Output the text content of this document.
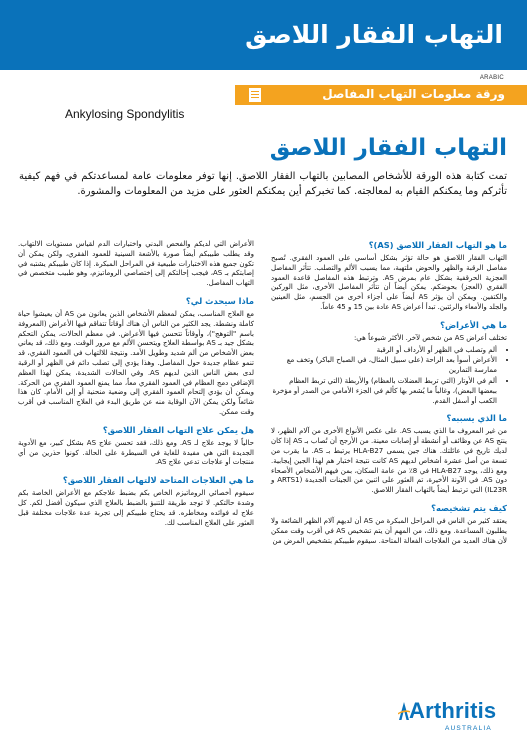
التهاب الفقار اللاصق
ARABIC
ورقة معلومات التهاب المفاصل
Ankylosing Spondylitis
التهاب الفقار اللاصق
تمت كتابة هذه الورقة للأشخاص المصابين بالتهاب الفقار اللاصق. إنها توفر معلومات عامة لمساعدتكم في فهم كيفية تأثركم وما يمكنكم القيام به لمعالجته. كما تخبركم أين يمكنكم العثور على مزيد من المعلومات والمشورة.
ما هو التهاب الفقار اللاصق (AS)؟

التهاب الفقار اللاصق هو حالة تؤثر بشكل أساسي على العمود الفقري. تُصبح مفاصل الرقبة والظهر والحوض ملتهبة، مما يسبب الألم والتصلب. تتأثر المفاصل العجزية الحرقفية بشكل عام بمرض AS. وترتبط هذه المفاصل قاعدة العمود الفقري (العجز) بحوضكم. يمكن أيضاً أن تتأثر المفاصل الأخرى، مثل الوركين والكتفين. ويمكن أن يؤثر AS أيضاً على أجزاء أخرى من الجسم، مثل العينين والجلد والأمعاء والرئتين. تبدأ أعراض AS عادة بين 15 و 45 عاماً.

ما هي الأعراض؟

تختلف أعراض AS من شخص لآخر. الأكثر شيوعاً هي:

• ألم وتصلب في الظهر أو الأرداف أو الرقبة
• الأعراض أسوأ بعد الراحة (على سبيل المثال، في الصباح الباكر) وتخف مع ممارسة التمارين
• ألم في الأوتار (التي تربط العضلات بالعظام) والأربطة (التي تربط العظام ببعضها البعض)، وغالباً ما يُشعر بها كألم في الجزء الأمامي من الصدر أو مؤخرة الكعب أو أسفل القدم.
ما الذي يسببه؟

من غير المعروف ما الذي يسبب AS. على عكس الأنواع الأخرى من آلام الظهر، لا ينتج AS عن وظائف أو أنشطة أو إصابات معينة. من الأرجح أن تُصاب بـ AS إذا كان لديك تاريخ في عائلتك. هناك جين يسمى HLA-B27 يرتبط بـ AS. ما يقرب من تسعة من أصل عشرة أشخاص لديهم AS كانت نتيجة اختبار هم لهذا الجين إيجابية. ومع ذلك، يوجد HLA-B27 في 8٪ من عامة السكان، بمن فيهم الأشخاص الأصحاء دون AS. في الآونة الأخيرة، تم العثور على اثنين من الجينات الجديدة (ARTS1 و IL23R) التي ترتبط أيضاً بالتهاب الفقار اللاصق.

كيف يتم تشخيصه؟

يعتقد كثير من الناس في المراحل المبكرة من AS أن لديهم آلام الظهر الشائعة ولا يطلبون المساعدة. ومع ذلك، من المهم أن يتم تشخيص AS في أقرب وقت ممكن لأن هناك العديد من العلاجات الفعالة المتاحة. سيقوم طبيبكم بتشخيص المرض من

الأعراض التي لديكم والفحص البدني واختبارات الدم لقياس مستويات الالتهاب. وقد يطلب طبيبكم أيضاً صورة بالأشعة السينية للعمود الفقري، ولكن يمكن أن تكون جميع هذه الاختبارات طبيعية في المراحل المبكرة. إذا كان طبيبكم يشتبه في إصابتكم بـ AS، فيجب إحالتكم إلى إختصاصي الروماتيزم، وهو طبيب متخصص في التهاب المفاصل.

ماذا سيحدث لي؟

مع العلاج المناسب، يمكن لمعظم الأشخاص الذين يعانون من AS أن يعيشوا حياة كاملة ونشطة. يجد الكثير من الناس أن هناك أوقاتاً تتفاقم فيها الأعراض (المعروفة باسم "التوهج")، وأوقاتاً تتحسن فيها الأعراض. في معظم الحالات، يمكن التحكم بشكل جيد بـ AS بواسطة العلاج ويتحسن الألم مع مرور الوقت. ومع ذلك، قد يعاني بعض الأشخاص من ألم شديد وطويل الأمد. ونتيجة للالتهاب في العمود الفقري، قد تنمو عظام جديدة حول المفاصل. وهذا يؤدي إلى تصلب دائم في الظهر أو الرقبة لدى بعض الناس الذين لديهم AS. وفي الحالات الشديدة، يمكن لهذا العظم الإضافي دمج العظام في العمود الفقري معاً، مما يمنع العمود الفقري من الحركة. ويمكن أن يؤدي إلتحام العمود الفقري إلى وضعية منحنية أو إلى الأمام. كان هذا شائعاً ولكن يمكن الآن الوقاية منه عن طريق البدء في العلاج المناسب في أقرب وقت ممكن.

هل يمكن علاج التهاب الفقار اللاصق؟

حالياً لا يوجد علاج لـ AS. ومع ذلك، فقد تحسن علاج AS بشكل كبير، مع الأدوية الجديدة التي هي مفيدة للغاية في السيطرة على الحالة. كونوا حذرين من أي منتجات أو علاجات تدعي علاج AS.

ما هي العلاجات المتاحة لالتهاب الفقار اللاصق؟

سيقوم أخصائي الروماتيزم الخاص بكم بضبط علاجكم مع الأعراض الخاصة بكم وشدة حالتكم. لا توجد طريقة للتنبؤ بالضبط بالعلاج الذي سيكون أفضل لكم. كل علاج له فوائده ومخاطره. قد يحتاج طبيبكم إلى تجربة عدة علاجات مختلفة قبل العثور على العلاج المناسب لك.

Arthritis
AUSTRALIA
